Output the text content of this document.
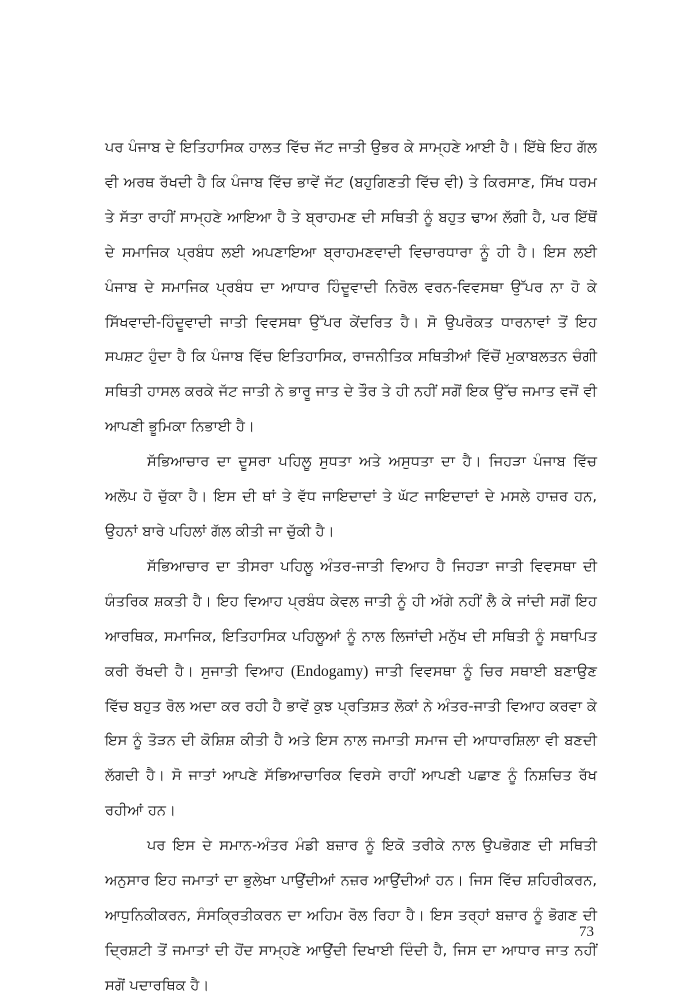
ਪਰ ਪੰਜਾਬ ਦੇ ਇਤਿਹਾਸਿਕ ਹਾਲਤ ਵਿੱਚ ਜੱਟ ਜਾਤੀ ਉਭਰ ਕੇ ਸਾਮ੍ਹਣੇ ਆਈ ਹੈ। ਇੱਥੇ ਇਹ ਗੱਲ ਵੀ ਅਰਥ ਰੱਖਦੀ ਹੈ ਕਿ ਪੰਜਾਬ ਵਿੱਚ ਭਾਵੇਂ ਜੱਟ (ਬਹੁਗਿਣਤੀ ਵਿੱਚ ਵੀ) ਤੇ ਕਿਰਸਾਣ, ਸਿੱਖ ਧਰਮ ਤੇ ਸੱਤਾ ਰਾਹੀਂ ਸਾਮ੍ਹਣੇ ਆਇਆ ਹੈ ਤੇ ਬ੍ਰਾਹਮਣ ਦੀ ਸਥਿਤੀ ਨੂੰ ਬਹੁਤ ਢਾਅ ਲੱਗੀ ਹੈ, ਪਰ ਇੱਥੋਂ ਦੇ ਸਮਾਜਿਕ ਪ੍ਰਬੰਧ ਲਈ ਅਪਣਾਇਆ ਬ੍ਰਾਹਮਣਵਾਦੀ ਵਿਚਾਰਧਾਰਾ ਨੂੰ ਹੀ ਹੈ। ਇਸ ਲਈ ਪੰਜਾਬ ਦੇ ਸਮਾਜਿਕ ਪ੍ਰਬੰਧ ਦਾ ਆਧਾਰ ਹਿੰਦੂਵਾਦੀ ਨਿਰੋਲ ਵਰਨ-ਵਿਵਸਥਾ ਉੱਪਰ ਨਾ ਹੋ ਕੇ ਸਿੱਖਵਾਦੀ-ਹਿੰਦੂਵਾਦੀ ਜਾਤੀ ਵਿਵਸਥਾ ਉੱਪਰ ਕੇਂਦਰਿਤ ਹੈ। ਸੋ ਉਪਰੋਕਤ ਧਾਰਨਾਵਾਂ ਤੋਂ ਇਹ ਸਪਸ਼ਟ ਹੁੰਦਾ ਹੈ ਕਿ ਪੰਜਾਬ ਵਿੱਚ ਇਤਿਹਾਸਿਕ, ਰਾਜਨੀਤਿਕ ਸਥਿਤੀਆਂ ਵਿੱਚੋਂ ਮੁਕਾਬਲਤਨ ਚੰਗੀ ਸਥਿਤੀ ਹਾਸਲ ਕਰਕੇ ਜੱਟ ਜਾਤੀ ਨੇ ਭਾਰੂ ਜਾਤ ਦੇ ਤੌਰ ਤੇ ਹੀ ਨਹੀਂ ਸਗੋਂ ਇਕ ਉੱਚ ਜਮਾਤ ਵਜੋਂ ਵੀ ਆਪਣੀ ਭੂਮਿਕਾ ਨਿਭਾਈ ਹੈ।

ਸੱਭਿਆਚਾਰ ਦਾ ਦੂਸਰਾ ਪਹਿਲੂ ਸੁਧਤਾ ਅਤੇ ਅਸੁਧਤਾ ਦਾ ਹੈ। ਜਿਹੜਾ ਪੰਜਾਬ ਵਿੱਚ ਅਲੋਪ ਹੋ ਚੁੱਕਾ ਹੈ। ਇਸ ਦੀ ਥਾਂ ਤੇ ਵੱਧ ਜਾਇਦਾਦਾਂ ਤੇ ਘੱਟ ਜਾਇਦਾਦਾਂ ਦੇ ਮਸਲੇ ਹਾਜ਼ਰ ਹਨ, ਉਹਨਾਂ ਬਾਰੇ ਪਹਿਲਾਂ ਗੱਲ ਕੀਤੀ ਜਾ ਚੁੱਕੀ ਹੈ।

ਸੱਭਿਆਚਾਰ ਦਾ ਤੀਸਰਾ ਪਹਿਲੂ ਅੰਤਰ-ਜਾਤੀ ਵਿਆਹ ਹੈ ਜਿਹੜਾ ਜਾਤੀ ਵਿਵਸਥਾ ਦੀ ਯੰਤਰਿਕ ਸ਼ਕਤੀ ਹੈ। ਇਹ ਵਿਆਹ ਪ੍ਰਬੰਧ ਕੇਵਲ ਜਾਤੀ ਨੂੰ ਹੀ ਅੱਗੇ ਨਹੀਂ ਲੈ ਕੇ ਜਾਂਦੀ ਸਗੋਂ ਇਹ ਆਰਥਿਕ, ਸਮਾਜਿਕ, ਇਤਿਹਾਸਿਕ ਪਹਿਲੂਆਂ ਨੂੰ ਨਾਲ ਲਿਜਾਂਦੀ ਮਨੁੱਖ ਦੀ ਸਥਿਤੀ ਨੂੰ ਸਥਾਪਿਤ ਕਰੀ ਰੱਖਦੀ ਹੈ। ਸੁਜਾਤੀ ਵਿਆਹ (Endogamy) ਜਾਤੀ ਵਿਵਸਥਾ ਨੂੰ ਚਿਰ ਸਥਾਈ ਬਣਾਉਣ ਵਿੱਚ ਬਹੁਤ ਰੋਲ ਅਦਾ ਕਰ ਰਹੀ ਹੈ ਭਾਵੇਂ ਕੁਝ ਪ੍ਰਤਿਸ਼ਤ ਲੋਕਾਂ ਨੇ ਅੰਤਰ-ਜਾਤੀ ਵਿਆਹ ਕਰਵਾ ਕੇ ਇਸ ਨੂੰ ਤੋੜਨ ਦੀ ਕੋਸ਼ਿਸ਼ ਕੀਤੀ ਹੈ ਅਤੇ ਇਸ ਨਾਲ ਜਮਾਤੀ ਸਮਾਜ ਦੀ ਆਧਾਰਸ਼ਿਲਾ ਵੀ ਬਣਦੀ ਲੱਗਦੀ ਹੈ। ਸੋ ਜਾਤਾਂ ਆਪਣੇ ਸੱਭਿਆਚਾਰਿਕ ਵਿਰਸੇ ਰਾਹੀਂ ਆਪਣੀ ਪਛਾਣ ਨੂੰ ਨਿਸ਼ਚਿਤ ਰੱਖ ਰਹੀਆਂ ਹਨ।

ਪਰ ਇਸ ਦੇ ਸਮਾਨ-ਅੰਤਰ ਮੰਡੀ ਬਜ਼ਾਰ ਨੂੰ ਇਕੋ ਤਰੀਕੇ ਨਾਲ ਉਪਭੋਗਣ ਦੀ ਸਥਿਤੀ ਅਨੁਸਾਰ ਇਹ ਜਮਾਤਾਂ ਦਾ ਭੁਲੇਖਾ ਪਾਉਂਦੀਆਂ ਨਜ਼ਰ ਆਉਂਦੀਆਂ ਹਨ। ਜਿਸ ਵਿੱਚ ਸ਼ਹਿਰੀਕਰਨ, ਆਧੁਨਿਕੀਕਰਨ, ਸੰਸਕ੍ਰਿਤੀਕਰਨ ਦਾ ਅਹਿਮ ਰੋਲ ਰਿਹਾ ਹੈ। ਇਸ ਤਰ੍ਹਾਂ ਬਜ਼ਾਰ ਨੂੰ ਭੋਗਣ ਦੀ ਦ੍ਰਿਸ਼ਟੀ ਤੋਂ ਜਮਾਤਾਂ ਦੀ ਹੋਂਦ ਸਾਮ੍ਹਣੇ ਆਉਂਦੀ ਦਿਖਾਈ ਦਿੰਦੀ ਹੈ, ਜਿਸ ਦਾ ਆਧਾਰ ਜਾਤ ਨਹੀਂ ਸਗੋਂ ਪਦਾਰਥਿਕ ਹੈ।

73
